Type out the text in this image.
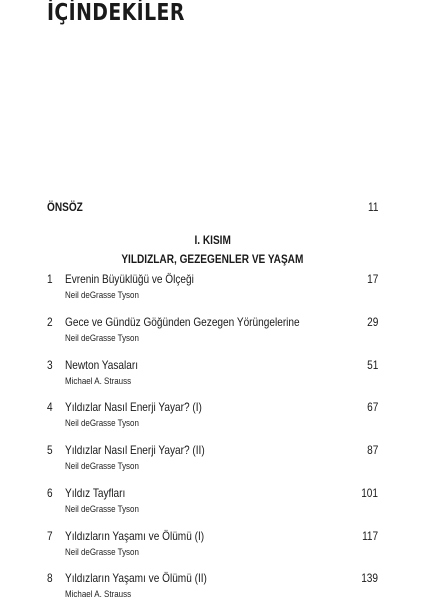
İÇİNDEKİLER
ÖNSÖZ	11
I. KISIM
YILDIZLAR, GEZEGENLER VE YAŞAM
1 Evrenin Büyüklüğü ve Ölçeği
Neil deGrasse Tyson
17
2 Gece ve Gündüz Göğünden Gezegen Yörüngelerine
Neil deGrasse Tyson
29
3 Newton Yasaları
Michael A. Strauss
51
4 Yıldızlar Nasıl Enerji Yayar? (I)
Neil deGrasse Tyson
67
5 Yıldızlar Nasıl Enerji Yayar? (II)
Neil deGrasse Tyson
87
6 Yıldız Tayfları
Neil deGrasse Tyson
101
7 Yıldızların Yaşamı ve Ölümü (I)
Neil deGrasse Tyson
117
8 Yıldızların Yaşamı ve Ölümü (II)
Michael A. Strauss
139
